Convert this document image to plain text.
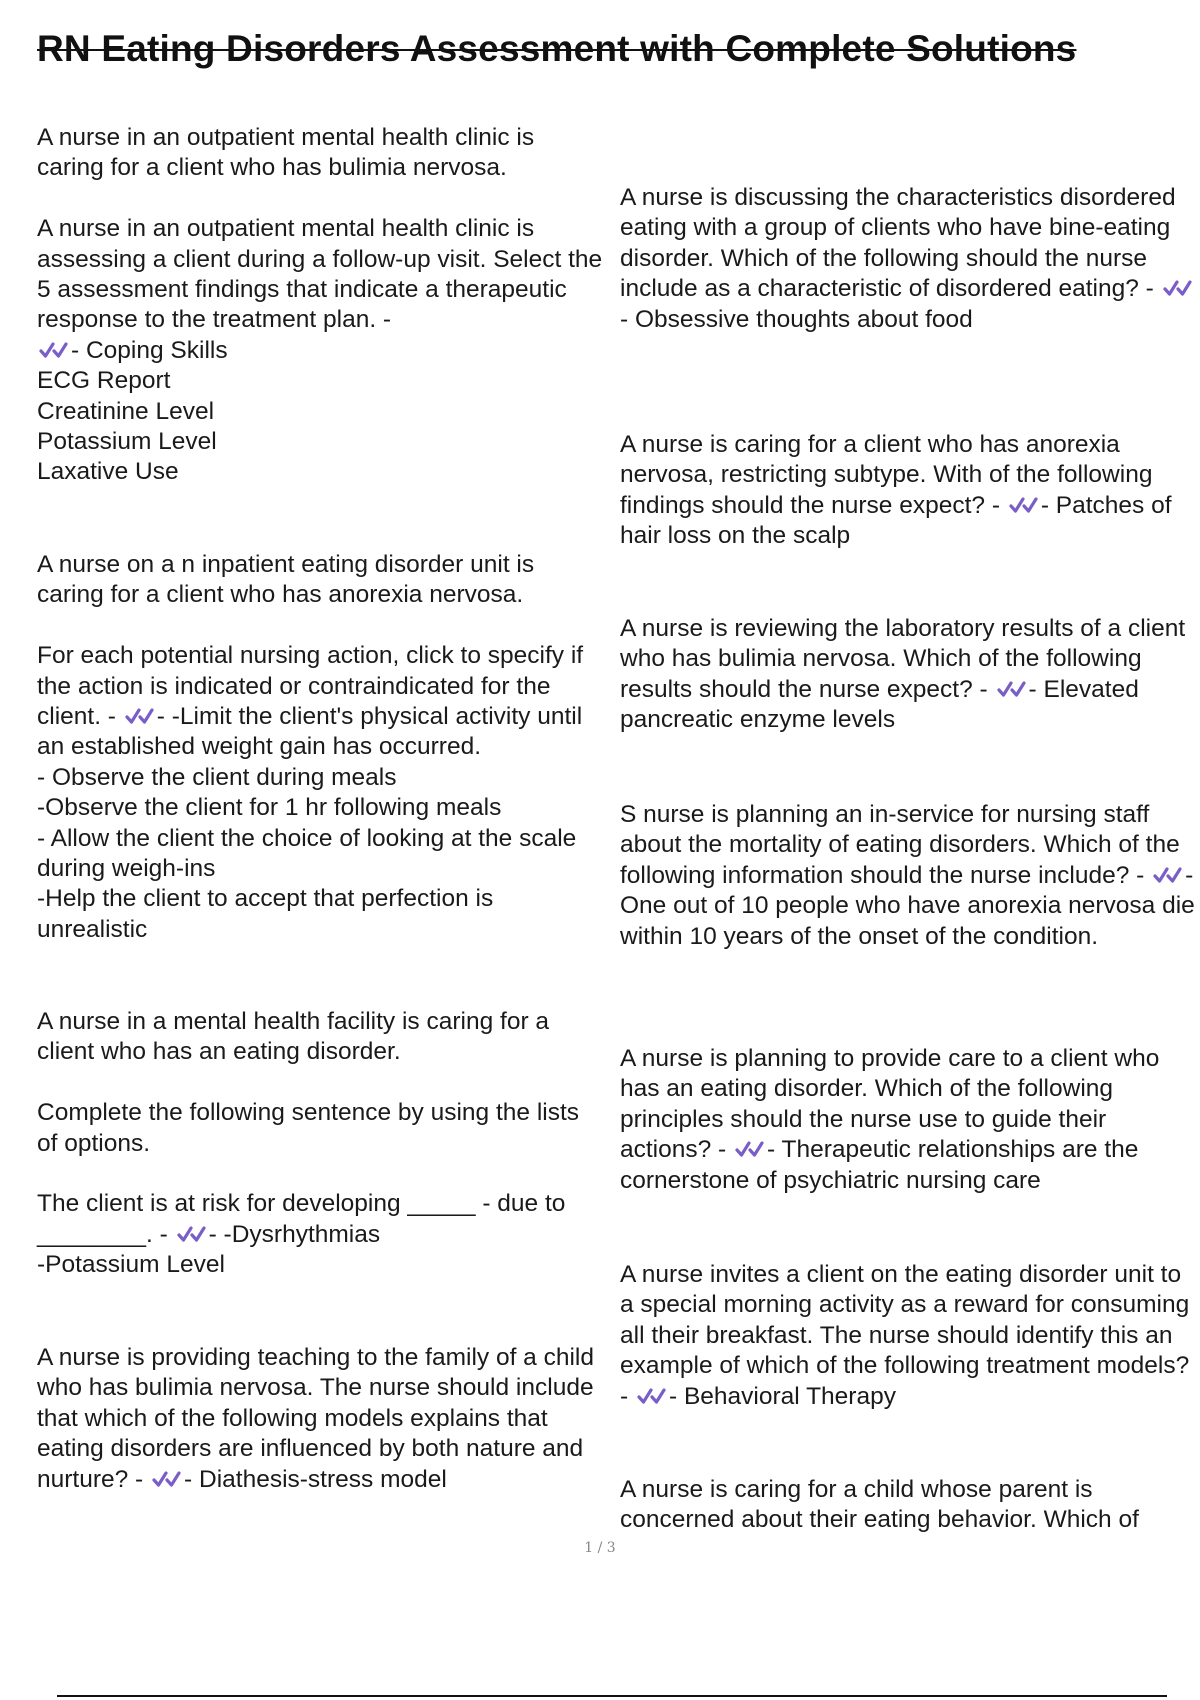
RN Eating Disorders Assessment with Complete Solutions

A nurse in an outpatient mental health clinic is caring for a client who has bulimia nervosa.

A nurse in an outpatient mental health clinic is assessing a client during a follow-up visit. Select the 5 assessment findings that indicate a therapeutic response to the treatment plan. -

- Coping Skills

ECG Report

Creatinine Level

Potassium Level

Laxative Use

A nurse on a n inpatient eating disorder unit is caring for a client who has anorexia nervosa.

For each potential nursing action, click to specify if the action is indicated or contraindicated for the client. - - -Limit the client's physical activity until an established weight gain has occurred.

- Observe the client during meals

-Observe the client for 1 hr following meals

- Allow the client the choice of looking at the scale during weigh-ins

-Help the client to accept that perfection is unrealistic

A nurse in a mental health facility is caring for a client who has an eating disorder.

Complete the following sentence by using the lists of options.

The client is at risk for developing _____ - due to ________. - - -Dysrhythmias

-Potassium Level

A nurse is providing teaching to the family of a child who has bulimia nervosa. The nurse should include that which of the following models explains that eating disorders are influenced by both nature and nurture? - - Diathesis-stress model

A nurse is discussing the characteristics disordered eating with a group of clients who have bine-eating disorder. Which of the following should the nurse include as a characteristic of disordered eating? -
- Obsessive thoughts about food

A nurse is caring for a client who has anorexia nervosa, restricting subtype. With of the following findings should the nurse expect? - - Patches of hair loss on the scalp

A nurse is reviewing the laboratory results of a client who has bulimia nervosa. Which of the following results should the nurse expect? - - Elevated pancreatic enzyme levels

S nurse is planning an in-service for nursing staff about the mortality of eating disorders. Which of the following information should the nurse include? - - One out of 10 people who have anorexia nervosa die within 10 years of the onset of the condition.

A nurse is planning to provide care to a client who has an eating disorder. Which of the following principles should the nurse use to guide their actions? - - Therapeutic relationships are the cornerstone of psychiatric nursing care

A nurse invites a client on the eating disorder unit to a special morning activity as a reward for consuming all their breakfast. The nurse should identify this an example of which of the following treatment models? - - Behavioral Therapy

A nurse is caring for a child whose parent is concerned about their eating behavior. Which of

1 / 3
